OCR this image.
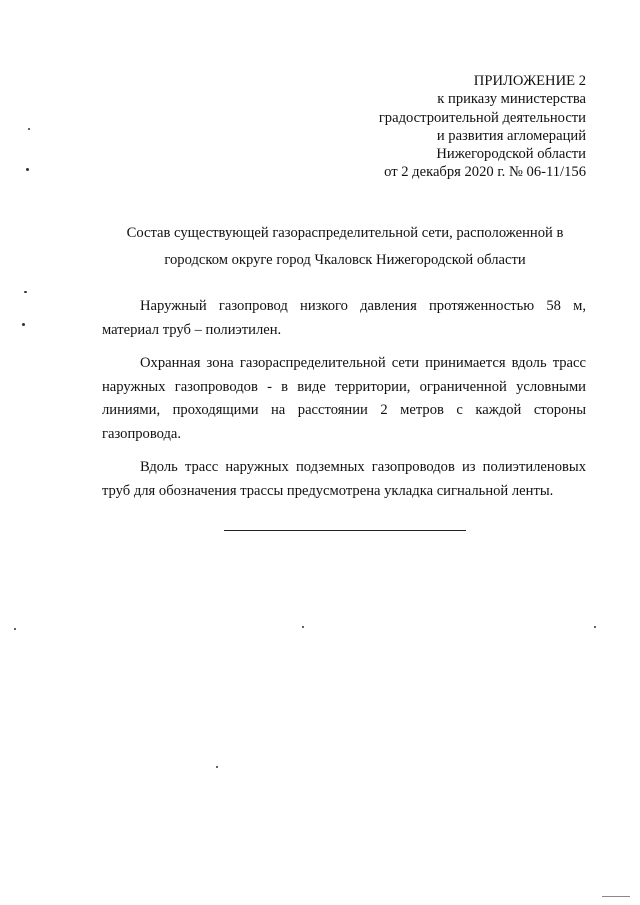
ПРИЛОЖЕНИЕ 2
к приказу министерства
градостроительной деятельности
и развития агломераций
Нижегородской области
от 2 декабря 2020 г. № 06-11/156
Состав существующей газораспределительной сети, расположенной в
городском округе город Чкаловск Нижегородской области
Наружный газопровод низкого давления протяженностью 58 м,
материал труб – полиэтилен.
Охранная зона газораспределительной сети принимается вдоль трасс
наружных газопроводов - в виде территории, ограниченной условными
линиями, проходящими на расстоянии 2 метров с каждой стороны
газопровода.
Вдоль трасс наружных подземных газопроводов из полиэтиленовых
труб для обозначения трассы предусмотрена укладка сигнальной ленты.
